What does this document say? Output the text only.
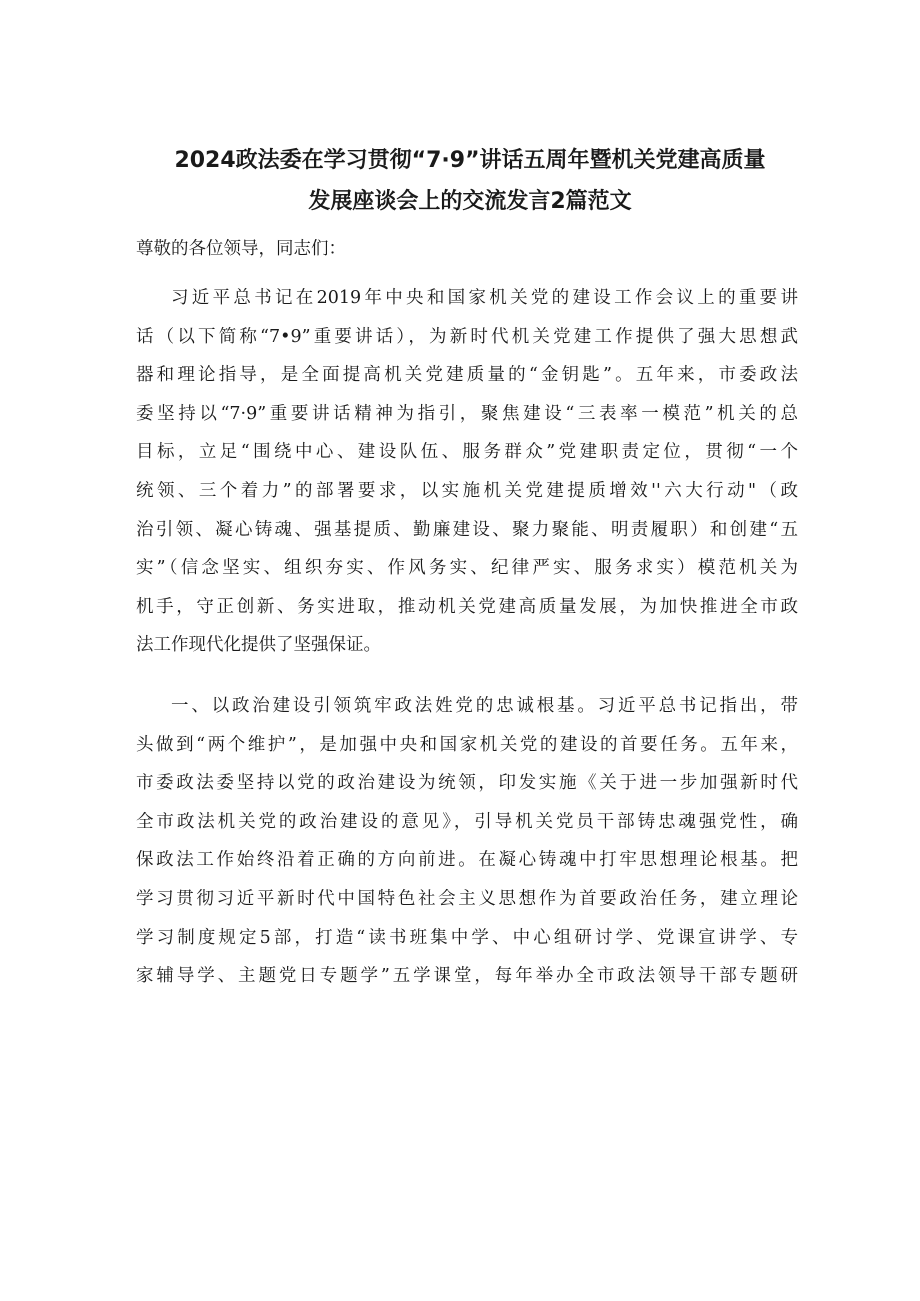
2024政法委在学习贯彻“7·9”讲话五周年暨机关党建高质量
发展座谈会上的交流发言2篇范文

尊敬的各位领导，同志们：

习近平总书记在2019年中央和国家机关党的建设工作会议上的重要讲
话（以下简称“7•9”重要讲话），为新时代机关党建工作提供了强大思想武
器和理论指导，是全面提高机关党建质量的“金钥匙”。五年来，市委政法
委坚持以“7·9”重要讲话精神为指引，聚焦建设“三表率一模范”机关的总
目标，立足“围绕中心、建设队伍、服务群众”党建职责定位，贯彻“一个
统领、三个着力”的部署要求，以实施机关党建提质增效''六大行动"（政
治引领、凝心铸魂、强基提质、勤廉建设、聚力聚能、明责履职）和创建“五
实”（信念坚实、组织夯实、作风务实、纪律严实、服务求实）模范机关为
机手，守正创新、务实进取，推动机关党建高质量发展，为加快推进全市政
法工作现代化提供了坚强保证。
一、以政治建设引领筑牢政法姓党的忠诚根基。习近平总书记指出，带
头做到“两个维护”，是加强中央和国家机关党的建设的首要任务。五年来，
市委政法委坚持以党的政治建设为统领，印发实施《关于进一步加强新时代
全市政法机关党的政治建设的意见》，引导机关党员干部铸忠魂强党性，确
保政法工作始终沿着正确的方向前进。在凝心铸魂中打牢思想理论根基。把
学习贯彻习近平新时代中国特色社会主义思想作为首要政治任务，建立理论
学习制度规定5部，打造“读书班集中学、中心组研讨学、党课宣讲学、专
家辅导学、主题党日专题学”五学课堂，每年举办全市政法领导干部专题研
